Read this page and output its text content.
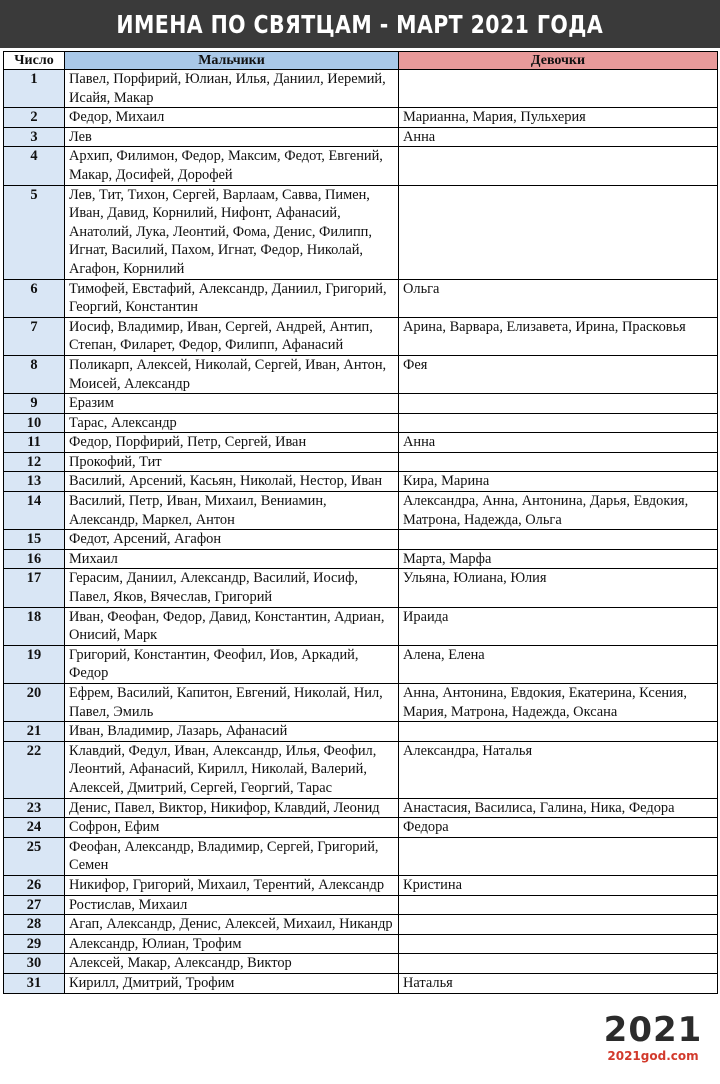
ИМЕНА ПО СВЯТЦАМ - МАРТ 2021 ГОДА
Число	Мальчики	Девочки
1	Павел, Порфирий, Юлиан, Илья, Даниил, Иеремий, Исайя, Макар	
2	Федор, Михаил	Марианна, Мария, Пульхерия
3	Лев	Анна
4	Архип, Филимон, Федор, Максим, Федот, Евгений, Макар, Досифей, Дорофей	
5	Лев, Тит, Тихон, Сергей, Варлаам, Савва, Пимен, Иван, Давид, Корнилий, Нифонт, Афанасий, Анатолий, Лука, Леонтий, Фома, Денис, Филипп, Игнат, Василий, Пахом, Игнат, Федор, Николай, Агафон, Корнилий	
6	Тимофей, Евстафий, Александр, Даниил, Григорий, Георгий, Константин	Ольга
7	Иосиф, Владимир, Иван, Сергей, Андрей, Антип, Степан, Филарет, Федор, Филипп, Афанасий	Арина, Варвара, Елизавета, Ирина, Прасковья
8	Поликарп, Алексей, Николай, Сергей, Иван, Антон, Моисей, Александр	Фея
9	Еразим	
10	Тарас, Александр	
11	Федор, Порфирий, Петр, Сергей, Иван	Анна
12	Прокофий, Тит	
13	Василий, Арсений, Касьян, Николай, Нестор, Иван	Кира, Марина
14	Василий, Петр, Иван, Михаил, Вениамин, Александр, Маркел, Антон	Александра, Анна, Антонина, Дарья, Евдокия, Матрона, Надежда, Ольга
15	Федот, Арсений, Агафон	
16	Михаил	Марта, Марфа
17	Герасим, Даниил, Александр, Василий, Иосиф, Павел, Яков, Вячеслав, Григорий	Ульяна, Юлиана, Юлия
18	Иван, Феофан, Федор, Давид, Константин, Адриан, Онисий, Марк	Ираида
19	Григорий, Константин, Феофил, Иов, Аркадий, Федор	Алена, Елена
20	Ефрем, Василий, Капитон, Евгений, Николай, Нил, Павел, Эмиль	Анна, Антонина, Евдокия, Екатерина, Ксения, Мария, Матрона, Надежда, Оксана
21	Иван, Владимир, Лазарь, Афанасий	
22	Клавдий, Федул, Иван, Александр, Илья, Феофил, Леонтий, Афанасий, Кирилл, Николай, Валерий, Алексей, Дмитрий, Сергей, Георгий, Тарас	Александра, Наталья
23	Денис, Павел, Виктор, Никифор, Клавдий, Леонид	Анастасия, Василиса, Галина, Ника, Федора
24	Софрон, Ефим	Федора
25	Феофан, Александр, Владимир, Сергей, Григорий, Семен	
26	Никифор, Григорий, Михаил, Терентий, Александр	Кристина
27	Ростислав, Михаил	
28	Агап, Александр, Денис, Алексей, Михаил, Никандр	
29	Александр, Юлиан, Трофим	
30	Алексей, Макар, Александр, Виктор	
31	Кирилл, Дмитрий, Трофим	Наталья
2021
2021god.com
